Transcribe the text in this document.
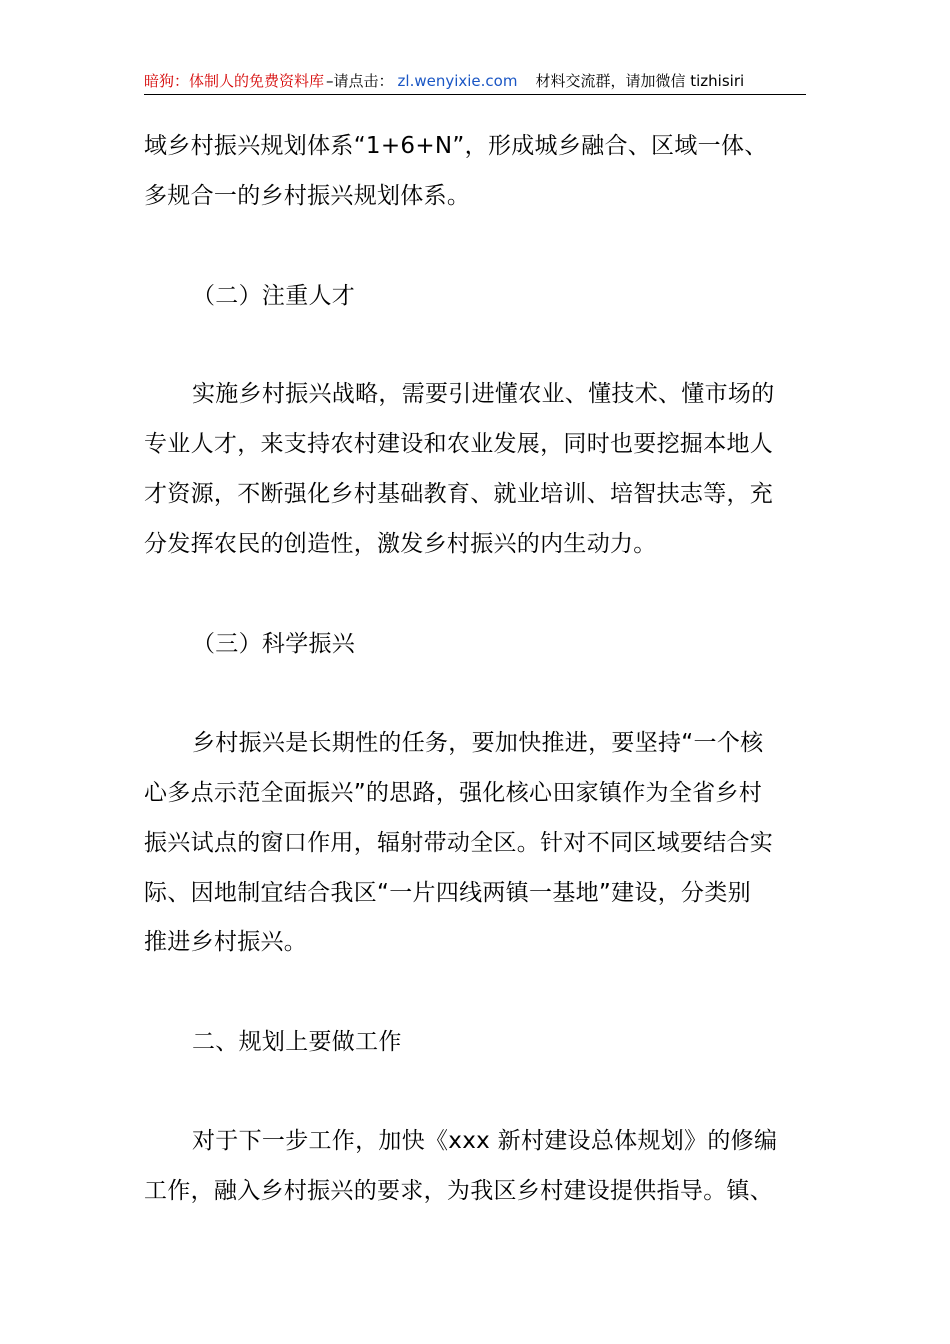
暗狗：体制人的免费资料库 –请点击： zl.wenyixie.com 材料交流群，请加微信 tizhisiri
域乡村振兴规划体系“1+6+N”，形成城乡融合、区域一体、
多规合一的乡村振兴规划体系。
（二）注重人才
实施乡村振兴战略，需要引进懂农业、懂技术、懂市场的
专业人才，来支持农村建设和农业发展，同时也要挖掘本地人
才资源，不断强化乡村基础教育、就业培训、培智扶志等，充
分发挥农民的创造性，激发乡村振兴的内生动力。
（三）科学振兴
乡村振兴是长期性的任务，要加快推进，要坚持“一个核
心多点示范全面振兴”的思路，强化核心田家镇作为全省乡村
振兴试点的窗口作用，辐射带动全区。针对不同区域要结合实
际、因地制宜结合我区“一片四线两镇一基地”建设，分类别
推进乡村振兴。
二、规划上要做工作
对于下一步工作，加快《xxx 新村建设总体规划》的修编
工作，融入乡村振兴的要求，为我区乡村建设提供指导。镇、
